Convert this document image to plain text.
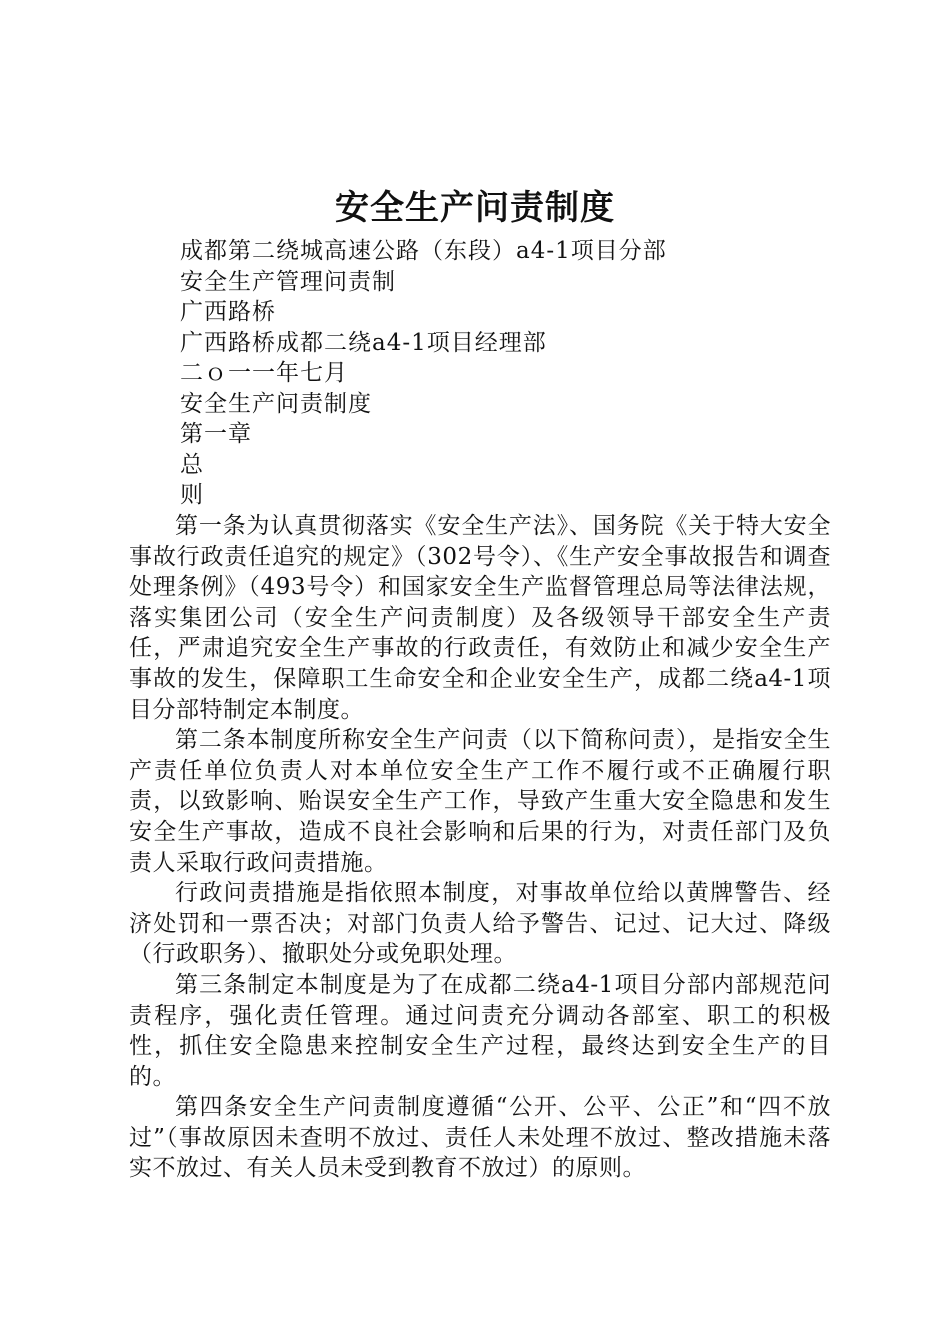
安全生产问责制度
成都第二绕城高速公路（东段）a4-1项目分部
安全生产管理问责制
广西路桥
广西路桥成都二绕a4-1项目经理部
二ｏ一一年七月
安全生产问责制度
第一章
总
则

第一条为认真贯彻落实《安全生产法》、国务院《关于特大安全事故行政责任追究的规定》（302号令）、《生产安全事故报告和调查处理条例》（493号令）和国家安全生产监督管理总局等法律法规，落实集团公司（安全生产问责制度）及各级领导干部安全生产责任，严肃追究安全生产事故的行政责任，有效防止和减少安全生产事故的发生，保障职工生命安全和企业安全生产，成都二绕a4-1项目分部特制定本制度。

第二条本制度所称安全生产问责（以下简称问责），是指安全生产责任单位负责人对本单位安全生产工作不履行或不正确履行职责，以致影响、贻误安全生产工作，导致产生重大安全隐患和发生安全生产事故，造成不良社会影响和后果的行为，对责任部门及负责人采取行政问责措施。

行政问责措施是指依照本制度，对事故单位给以黄牌警告、经济处罚和一票否决；对部门负责人给予警告、记过、记大过、降级（行政职务）、撤职处分或免职处理。

第三条制定本制度是为了在成都二绕a4-1项目分部内部规范问责程序，强化责任管理。通过问责充分调动各部室、职工的积极性，抓住安全隐患来控制安全生产过程，最终达到安全生产的目的。

第四条安全生产问责制度遵循“公开、公平、公正”和“四不放过”（事故原因未查明不放过、责任人未处理不放过、整改措施未落实不放过、有关人员未受到教育不放过）的原则。
